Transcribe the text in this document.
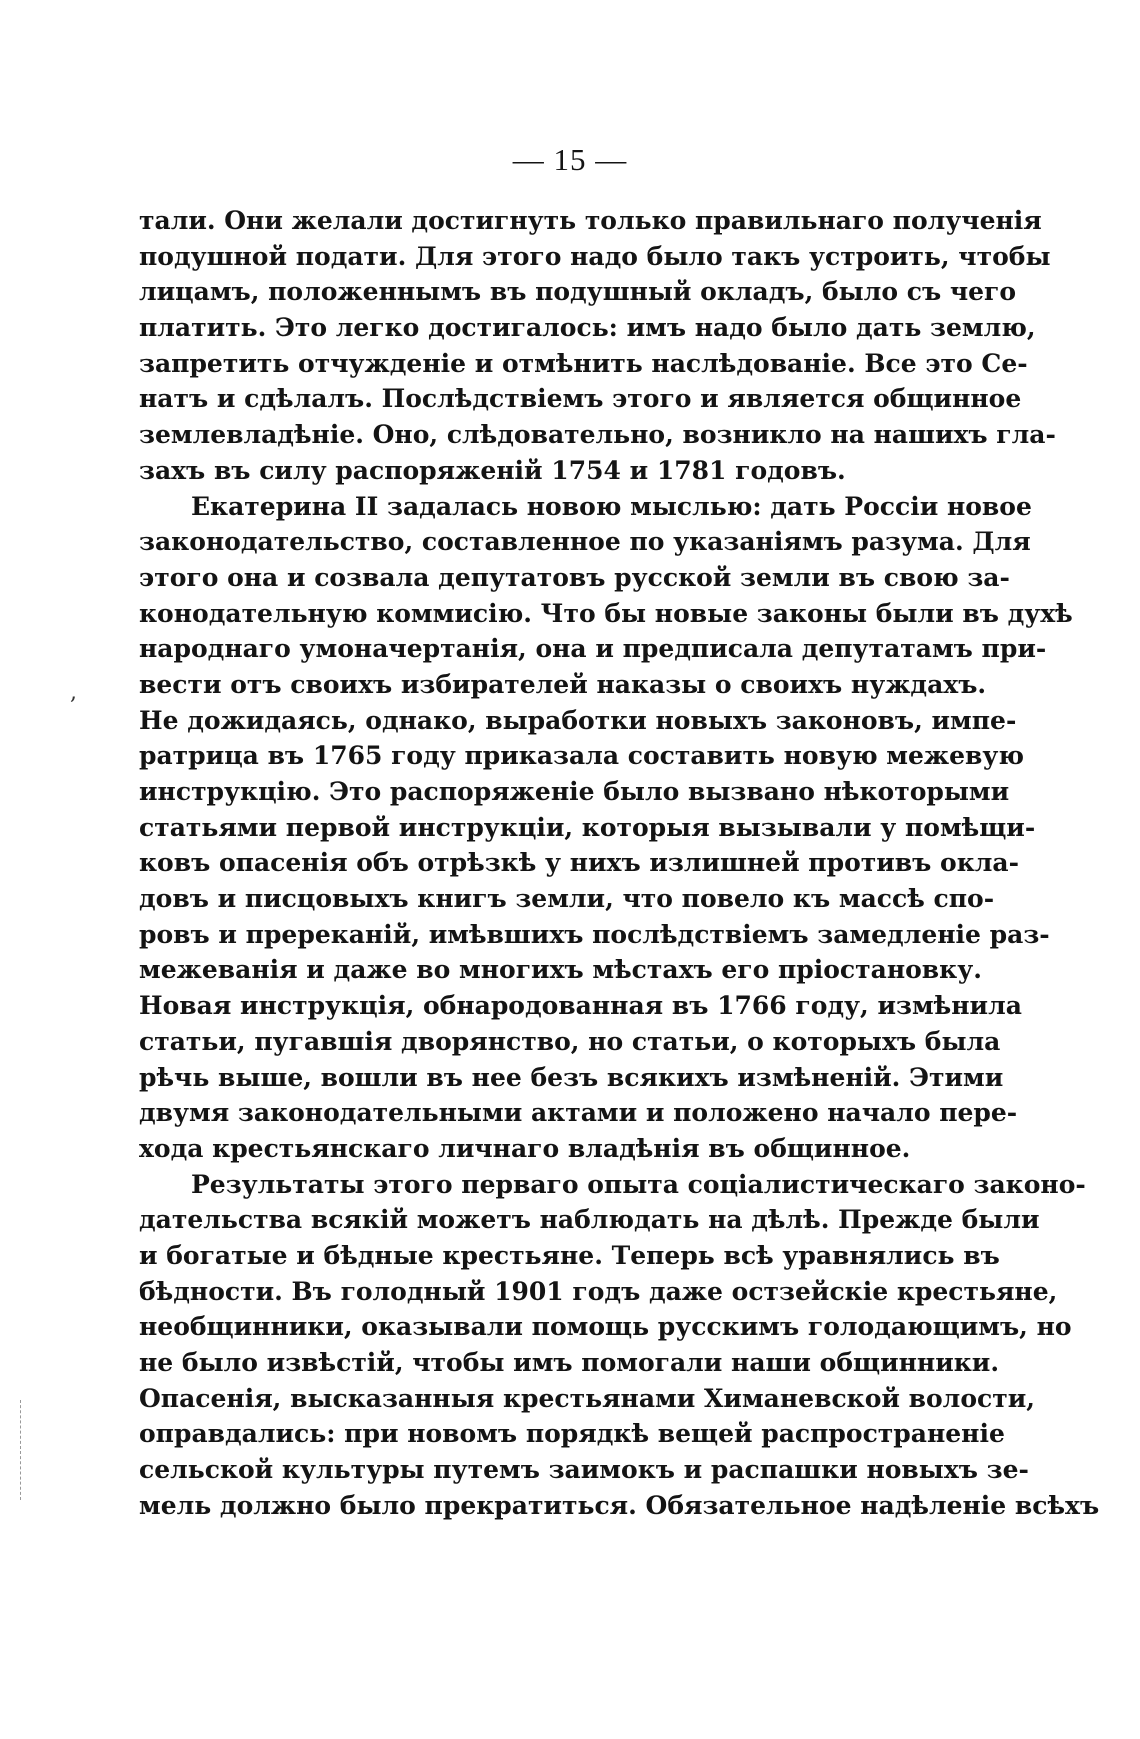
— 15 —
тали. Они желали достигнуть только правильнаго полученія
подушной подати. Для этого надо было такъ устроить, чтобы
лицамъ, положеннымъ въ подушный окладъ, было съ чего
платить. Это легко достигалось: имъ надо было дать землю,
запретить отчужденіе и отмѣнить наслѣдованіе. Все это Се-
натъ и сдѣлалъ. Послѣдствіемъ этого и является общинное
землевладѣніе. Оно, слѣдовательно, возникло на нашихъ гла-
захъ въ силу распоряженій 1754 и 1781 годовъ.
Екатерина II задалась новою мыслью: дать Россіи новое
законодательство, составленное по указаніямъ разума. Для
этого она и созвала депутатовъ русской земли въ свою за-
конодательную коммисію. Что бы новые законы были въ духѣ
народнаго умоначертанія, она и предписала депутатамъ при-
вести отъ своихъ избирателей наказы о своихъ нуждахъ.
Не дожидаясь, однако, выработки новыхъ законовъ, импе-
ратрица въ 1765 году приказала составить новую межевую
инструкцію. Это распоряженіе было вызвано нѣкоторыми
статьями первой инструкціи, которыя вызывали у помѣщи-
ковъ опасенія объ отрѣзкѣ у нихъ излишней противъ окла-
довъ и писцовыхъ книгъ земли, что повело къ массѣ спо-
ровъ и пререканій, имѣвшихъ послѣдствіемъ замедленіе раз-
межеванія и даже во многихъ мѣстахъ его пріостановку.
Новая инструкція, обнародованная въ 1766 году, измѣнила
статьи, пугавшія дворянство, но статьи, о которыхъ была
рѣчь выше, вошли въ нее безъ всякихъ измѣненій. Этими
двумя законодательными актами и положено начало пере-
хода крестьянскаго личнаго владѣнія въ общинное.
Результаты этого перваго опыта соціалистическаго законо-
дательства всякій можетъ наблюдать на дѣлѣ. Прежде были
и богатые и бѣдные крестьяне. Теперь всѣ уравнялись въ
бѣдности. Въ голодный 1901 годъ даже остзейскіе крестьяне,
необщинники, оказывали помощь русскимъ голодающимъ, но
не было извѣстій, чтобы имъ помогали наши общинники.
Опасенія, высказанныя крестьянами Химаневской волости,
оправдались: при новомъ порядкѣ вещей распространеніе
сельской культуры путемъ заимокъ и распашки новыхъ зе-
мель должно было прекратиться. Обязательное надѣленіе всѣхъ
,
